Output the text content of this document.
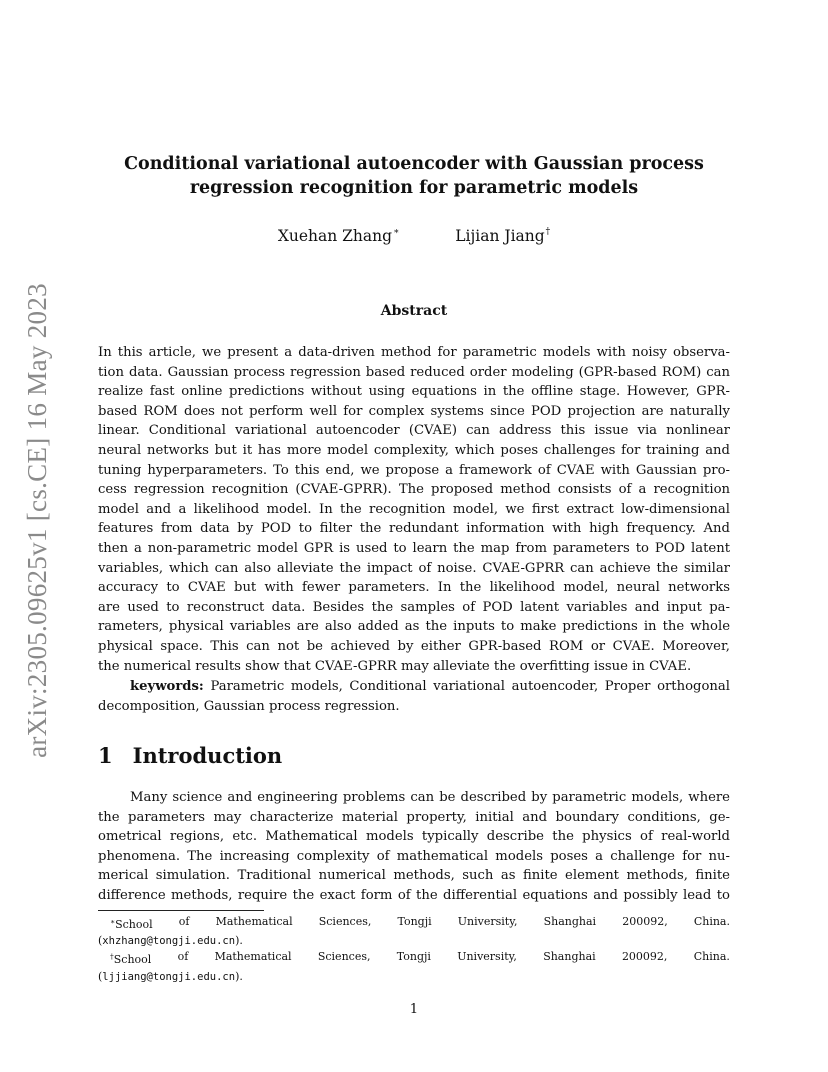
arXiv:2305.09625v1 [cs.CE] 16 May 2023
Conditional variational autoencoder with Gaussian process
regression recognition for parametric models
Xuehan Zhang∗	Lijian Jiang†
Abstract

In this article, we present a data-driven method for parametric models with noisy observa-

tion data. Gaussian process regression based reduced order modeling (GPR-based ROM) can

realize fast online predictions without using equations in the offline stage. However, GPR-

based ROM does not perform well for complex systems since POD projection are naturally

linear. Conditional variational autoencoder (CVAE) can address this issue via nonlinear

neural networks but it has more model complexity, which poses challenges for training and

tuning hyperparameters. To this end, we propose a framework of CVAE with Gaussian pro-

cess regression recognition (CVAE-GPRR). The proposed method consists of a recognition

model and a likelihood model. In the recognition model, we first extract low-dimensional

features from data by POD to filter the redundant information with high frequency. And

then a non-parametric model GPR is used to learn the map from parameters to POD latent

variables, which can also alleviate the impact of noise. CVAE-GPRR can achieve the similar

accuracy to CVAE but with fewer parameters. In the likelihood model, neural networks

are used to reconstruct data. Besides the samples of POD latent variables and input pa-

rameters, physical variables are also added as the inputs to make predictions in the whole

physical space. This can not be achieved by either GPR-based ROM or CVAE. Moreover,

the numerical results show that CVAE-GPRR may alleviate the overfitting issue in CVAE.

keywords: Parametric models, Conditional variational autoencoder, Proper orthogonal

decomposition, Gaussian process regression.

1 Introduction

Many science and engineering problems can be described by parametric models, where

the parameters may characterize material property, initial and boundary conditions, ge-

ometrical regions, etc. Mathematical models typically describe the physics of real-world

phenomena. The increasing complexity of mathematical models poses a challenge for nu-

merical simulation. Traditional numerical methods, such as finite element methods, finite

difference methods, require the exact form of the differential equations and possibly lead to

∗School of Mathematical Sciences, Tongji University, Shanghai 200092, China.
(xhzhang@tongji.edu.cn).
†School of Mathematical Sciences, Tongji University, Shanghai 200092, China.
(ljjiang@tongji.edu.cn).
1
